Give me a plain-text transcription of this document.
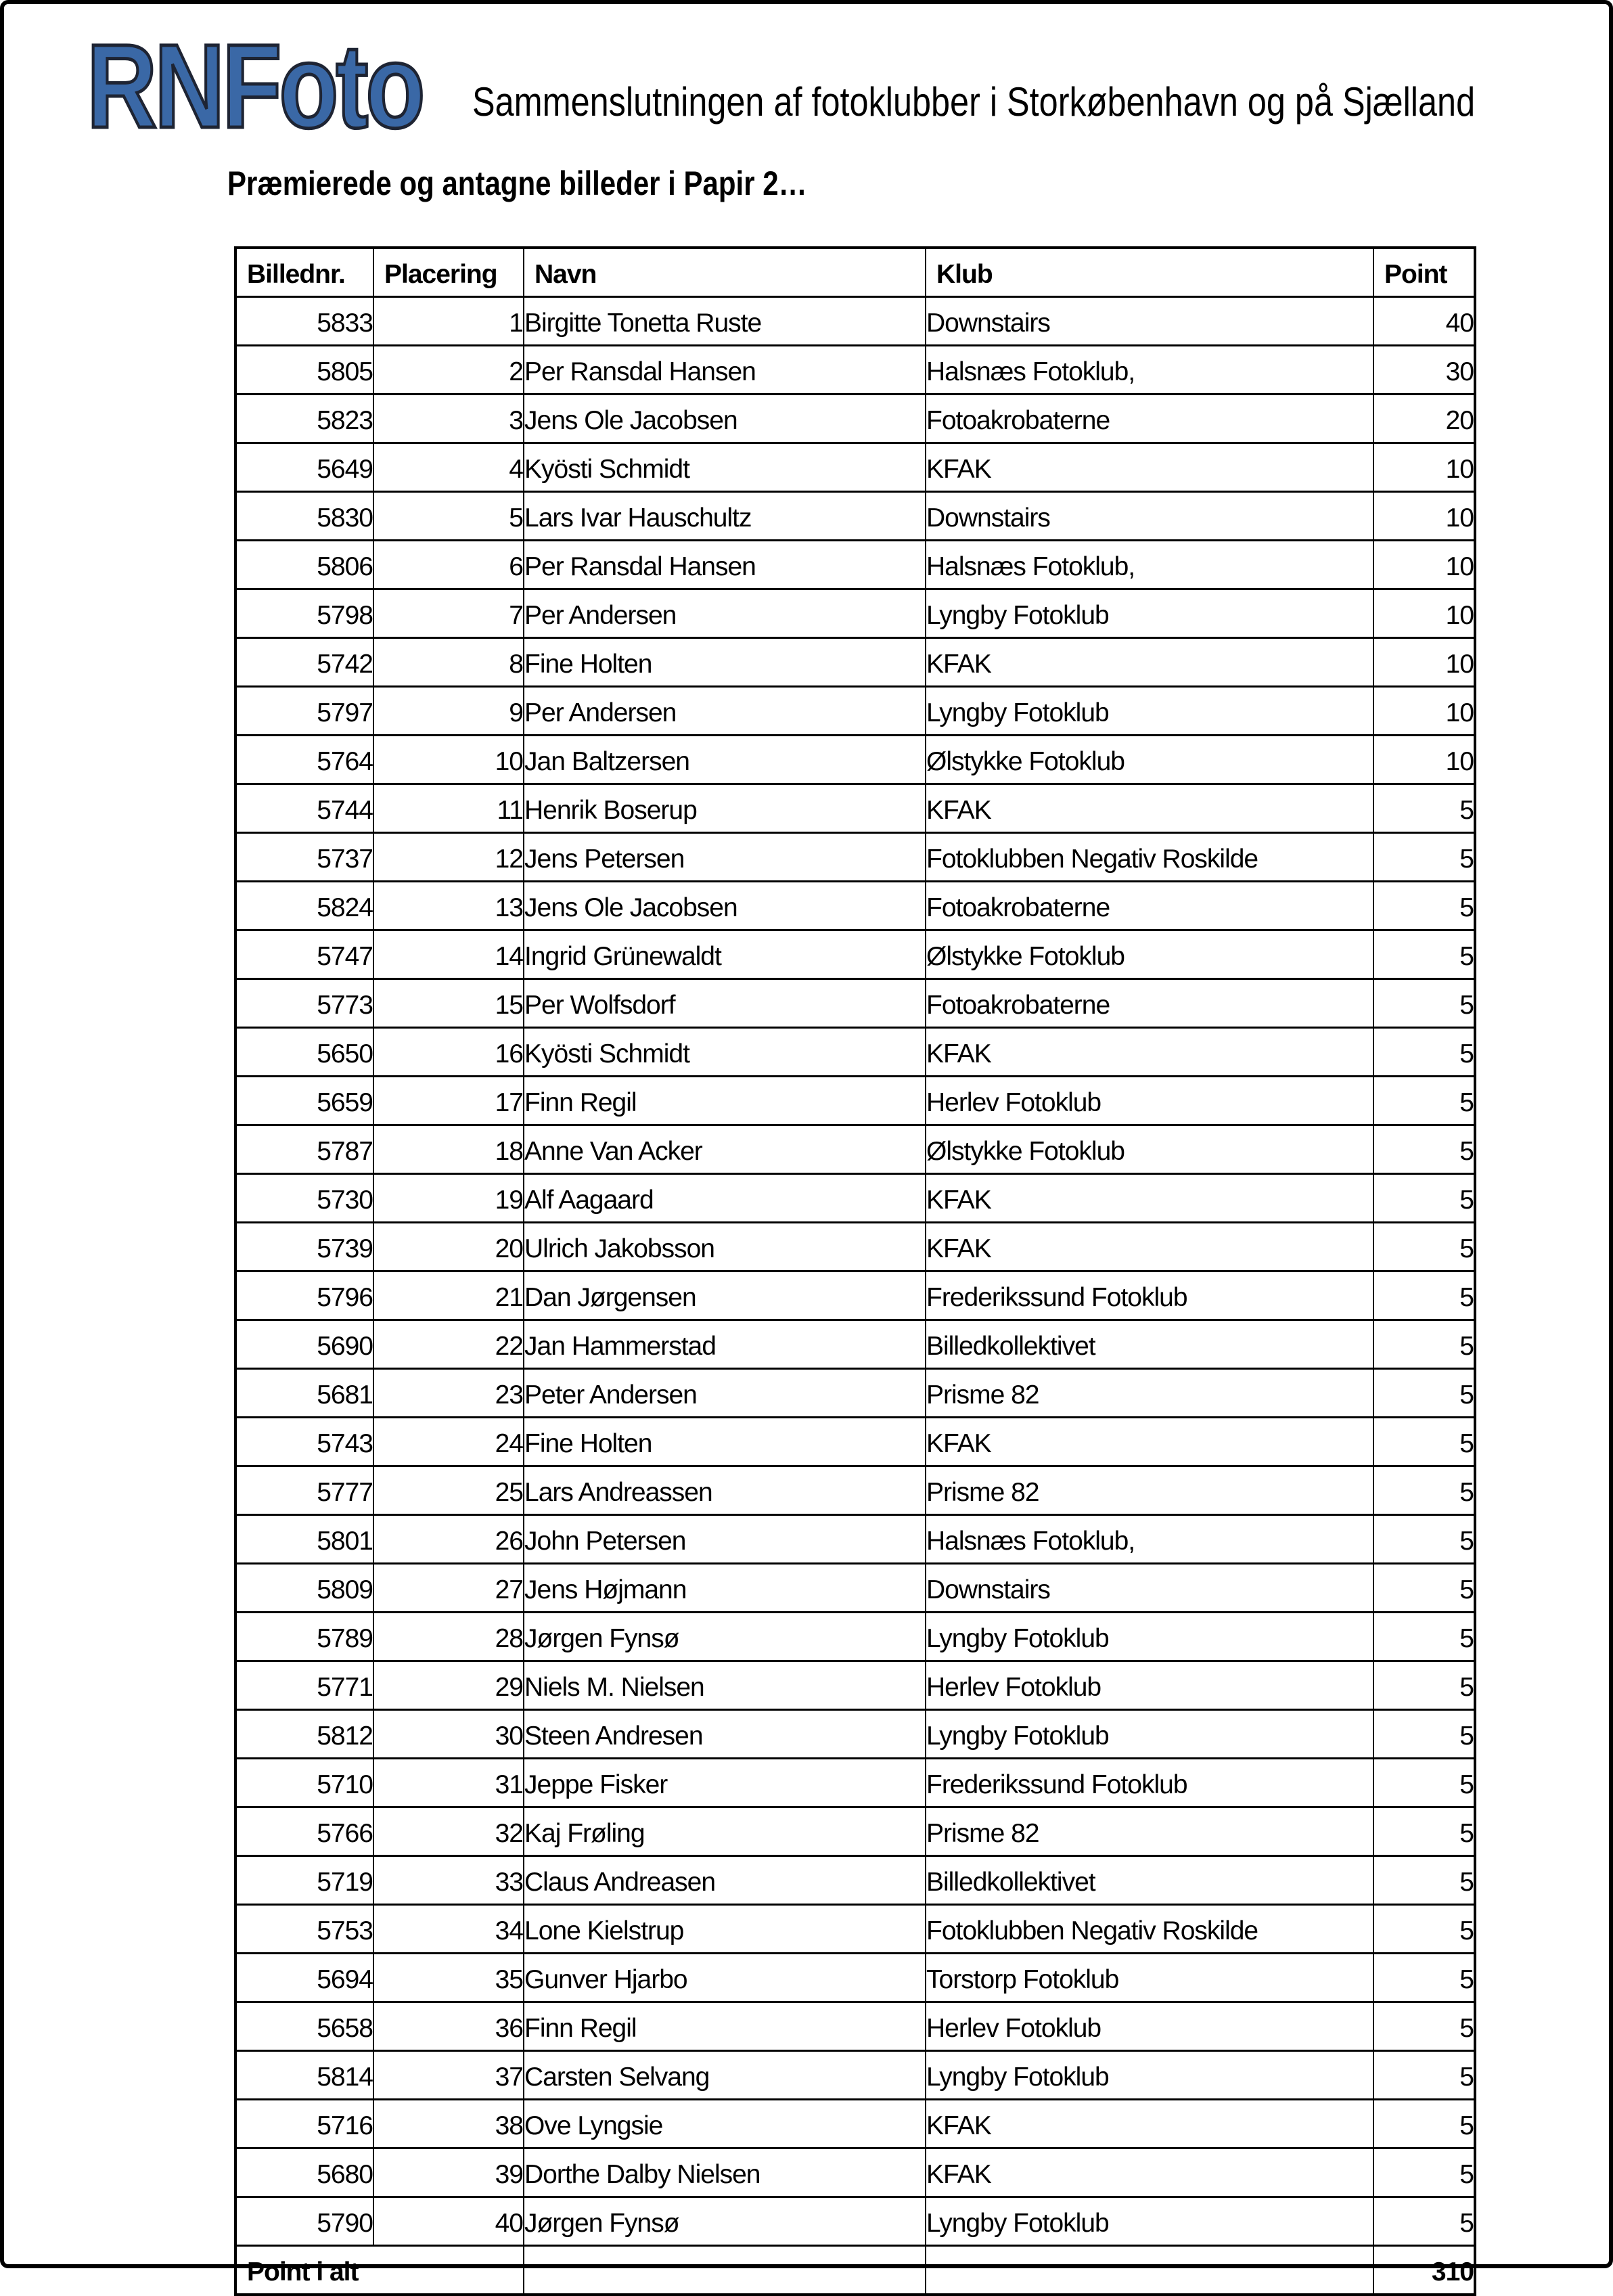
RNFoto Sammenslutningen af fotoklubber i Storkøbenhavn og på Sjælland
Præmierede og antagne billeder i Papir 2…
Billednr.	Placering	Navn	Klub	Point
5833	1	Birgitte Tonetta Ruste	Downstairs	40
5805	2	Per Ransdal Hansen	Halsnæs Fotoklub,	30
5823	3	Jens Ole Jacobsen	Fotoakrobaterne	20
5649	4	Kyösti Schmidt	KFAK	10
5830	5	Lars Ivar Hauschultz	Downstairs	10
5806	6	Per Ransdal Hansen	Halsnæs Fotoklub,	10
5798	7	Per Andersen	Lyngby Fotoklub	10
5742	8	Fine Holten	KFAK	10
5797	9	Per Andersen	Lyngby Fotoklub	10
5764	10	Jan Baltzersen	Ølstykke Fotoklub	10
5744	11	Henrik Boserup	KFAK	5
5737	12	Jens Petersen	Fotoklubben Negativ Roskilde	5
5824	13	Jens Ole Jacobsen	Fotoakrobaterne	5
5747	14	Ingrid Grünewaldt	Ølstykke Fotoklub	5
5773	15	Per Wolfsdorf	Fotoakrobaterne	5
5650	16	Kyösti Schmidt	KFAK	5
5659	17	Finn Regil	Herlev Fotoklub	5
5787	18	Anne Van Acker	Ølstykke Fotoklub	5
5730	19	Alf Aagaard	KFAK	5
5739	20	Ulrich Jakobsson	KFAK	5
5796	21	Dan Jørgensen	Frederikssund Fotoklub	5
5690	22	Jan Hammerstad	Billedkollektivet	5
5681	23	Peter Andersen	Prisme 82	5
5743	24	Fine Holten	KFAK	5
5777	25	Lars Andreassen	Prisme 82	5
5801	26	John Petersen	Halsnæs Fotoklub,	5
5809	27	Jens Højmann	Downstairs	5
5789	28	Jørgen Fynsø	Lyngby Fotoklub	5
5771	29	Niels M. Nielsen	Herlev Fotoklub	5
5812	30	Steen Andresen	Lyngby Fotoklub	5
5710	31	Jeppe Fisker	Frederikssund Fotoklub	5
5766	32	Kaj Frøling	Prisme 82	5
5719	33	Claus Andreasen	Billedkollektivet	5
5753	34	Lone Kielstrup	Fotoklubben Negativ Roskilde	5
5694	35	Gunver Hjarbo	Torstorp Fotoklub	5
5658	36	Finn Regil	Herlev Fotoklub	5
5814	37	Carsten Selvang	Lyngby Fotoklub	5
5716	38	Ove Lyngsie	KFAK	5
5680	39	Dorthe Dalby Nielsen	KFAK	5
5790	40	Jørgen Fynsø	Lyngby Fotoklub	5
Point i alt				310
